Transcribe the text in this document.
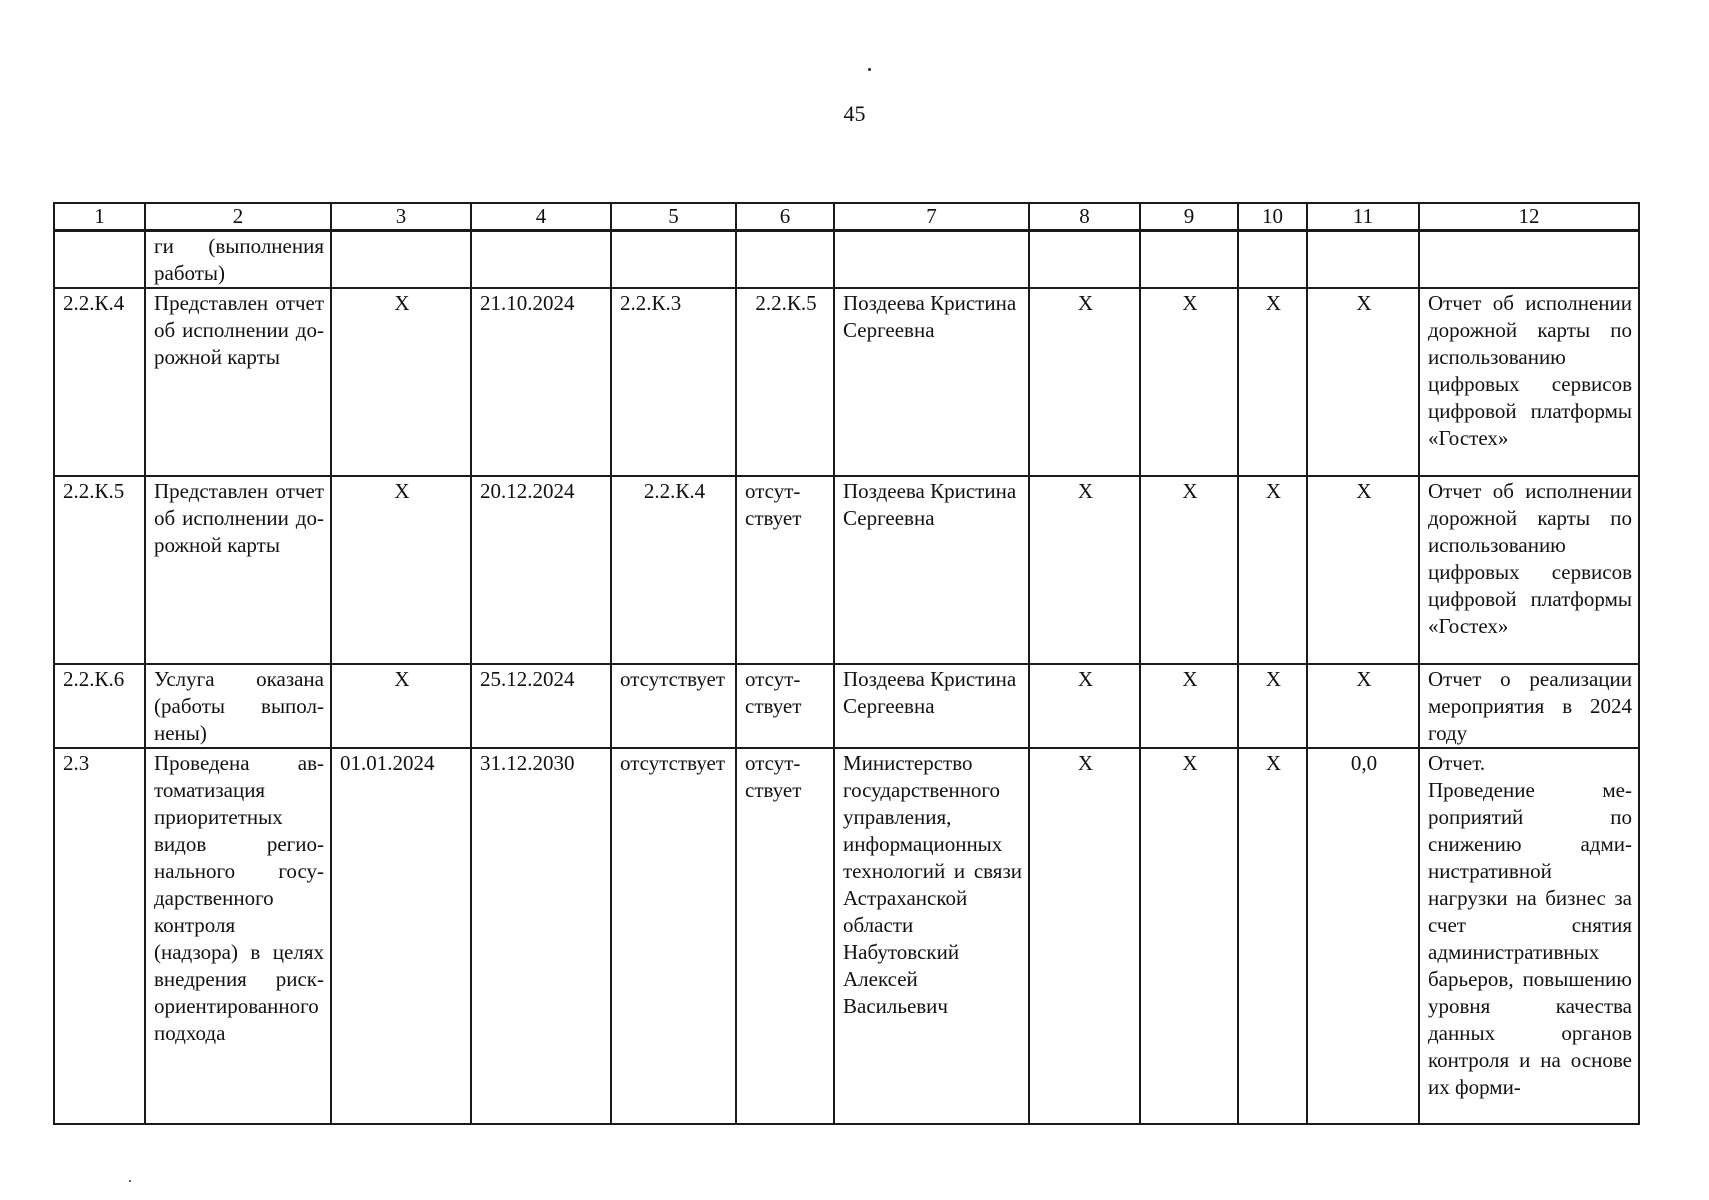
45
1	2	3	4	5	6	7	8	9	10	11	12
	ги (выполнения работы)										
2.2.К.4	Представлен отчет об исполнении дорожной карты	Х	21.10.2024	2.2.К.3	2.2.К.5	Поздеева Кристина Сергеевна	Х	Х	Х	Х	Отчет об исполнении дорожной карты по использованию цифровых сервисов цифровой платформы «Гостех»
2.2.К.5	Представлен отчет об исполнении дорожной карты	Х	20.12.2024	2.2.К.4	отсутствует	Поздеева Кристина Сергеевна	Х	Х	Х	Х	Отчет об исполнении дорожной карты по использованию цифровых сервисов цифровой платформы «Гостех»
2.2.К.6	Услуга оказана (работы выполнены)	Х	25.12.2024	отсутствует	отсутствует	Поздеева Кристина Сергеевна	Х	Х	Х	Х	Отчет о реализации мероприятия в 2024 году
2.3	Проведена автоматизация приоритетных видов регионального государственного контроля (надзора) в целях внедрения риск-ориентированного подхода	01.01.2024	31.12.2030	отсутствует	отсутствует	Министерство государственного управления, информационных технологий и связи Астраханской области Набутовский Алексей Васильевич	Х	Х	Х	0,0	Отчет.
Проведение мероприятий по снижению административной нагрузки на бизнес за счет снятия административных барьеров, повышению уровня качества данных органов контроля и на основе их форми-
